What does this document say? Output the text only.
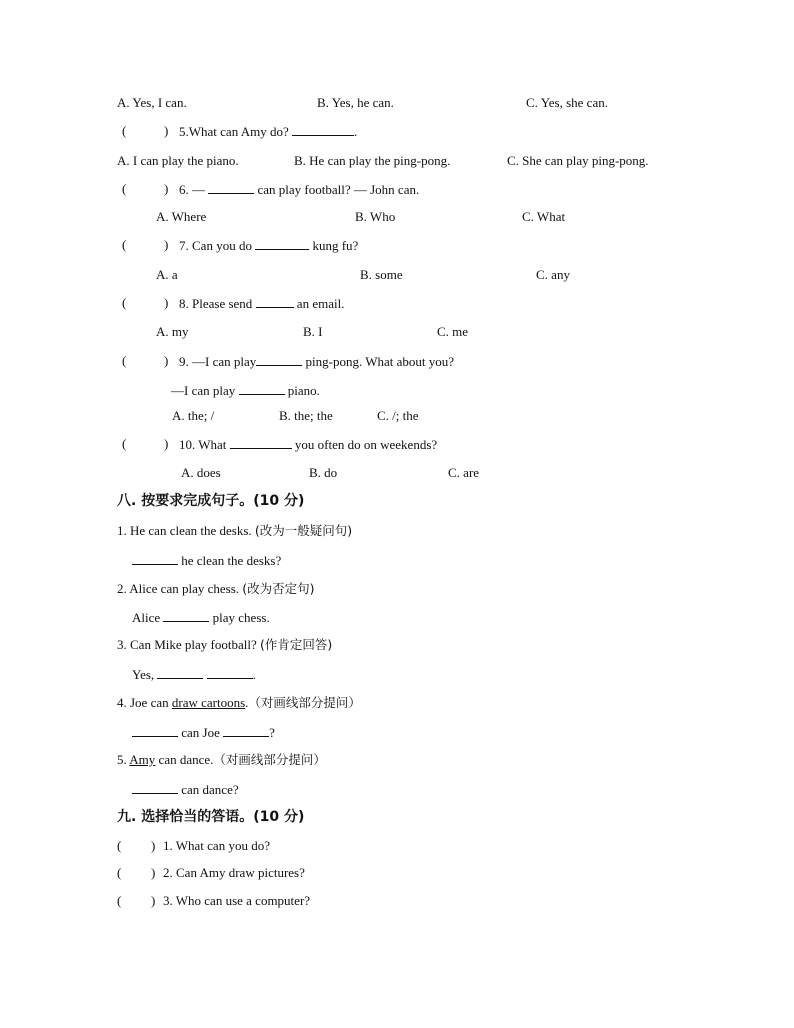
A. Yes, I can.	B. Yes, he can.	C. Yes, she can.
(	) 5.What can Amy do?	.
A. I can play the piano.	B. He can play the ping-pong.	C. She can play ping-pong.
(	) 6. —	can play football? — John can.
A. Where	B. Who	C. What
(	) 7. Can you do	kung fu?
A. a	B. some	C. any
(	) 8. Please send	an email.
A. my	B. I	C. me
(	) 9. —I can play	ping-pong. What about you?
—I can play	piano.
A. the; /	B. the; the	C. /; the
(	) 10. What	you often do on weekends?
A. does	B. do	C. are
八. 按要求完成句子。(10 分)
1. He can clean the desks. (改为一般疑问句)
he clean the desks?
2. Alice can play chess. (改为否定句)
Alice	play chess.
3. Can Mike play football? (作肯定回答)
Yes,	.
4. Joe can draw cartoons.（对画线部分提问）
can Joe	?
5. Amy can dance.（对画线部分提问）
can dance?
九. 选择恰当的答语。(10 分)
( ) 1. What can you do?
( ) 2. Can Amy draw pictures?
( ) 3. Who can use a computer?
